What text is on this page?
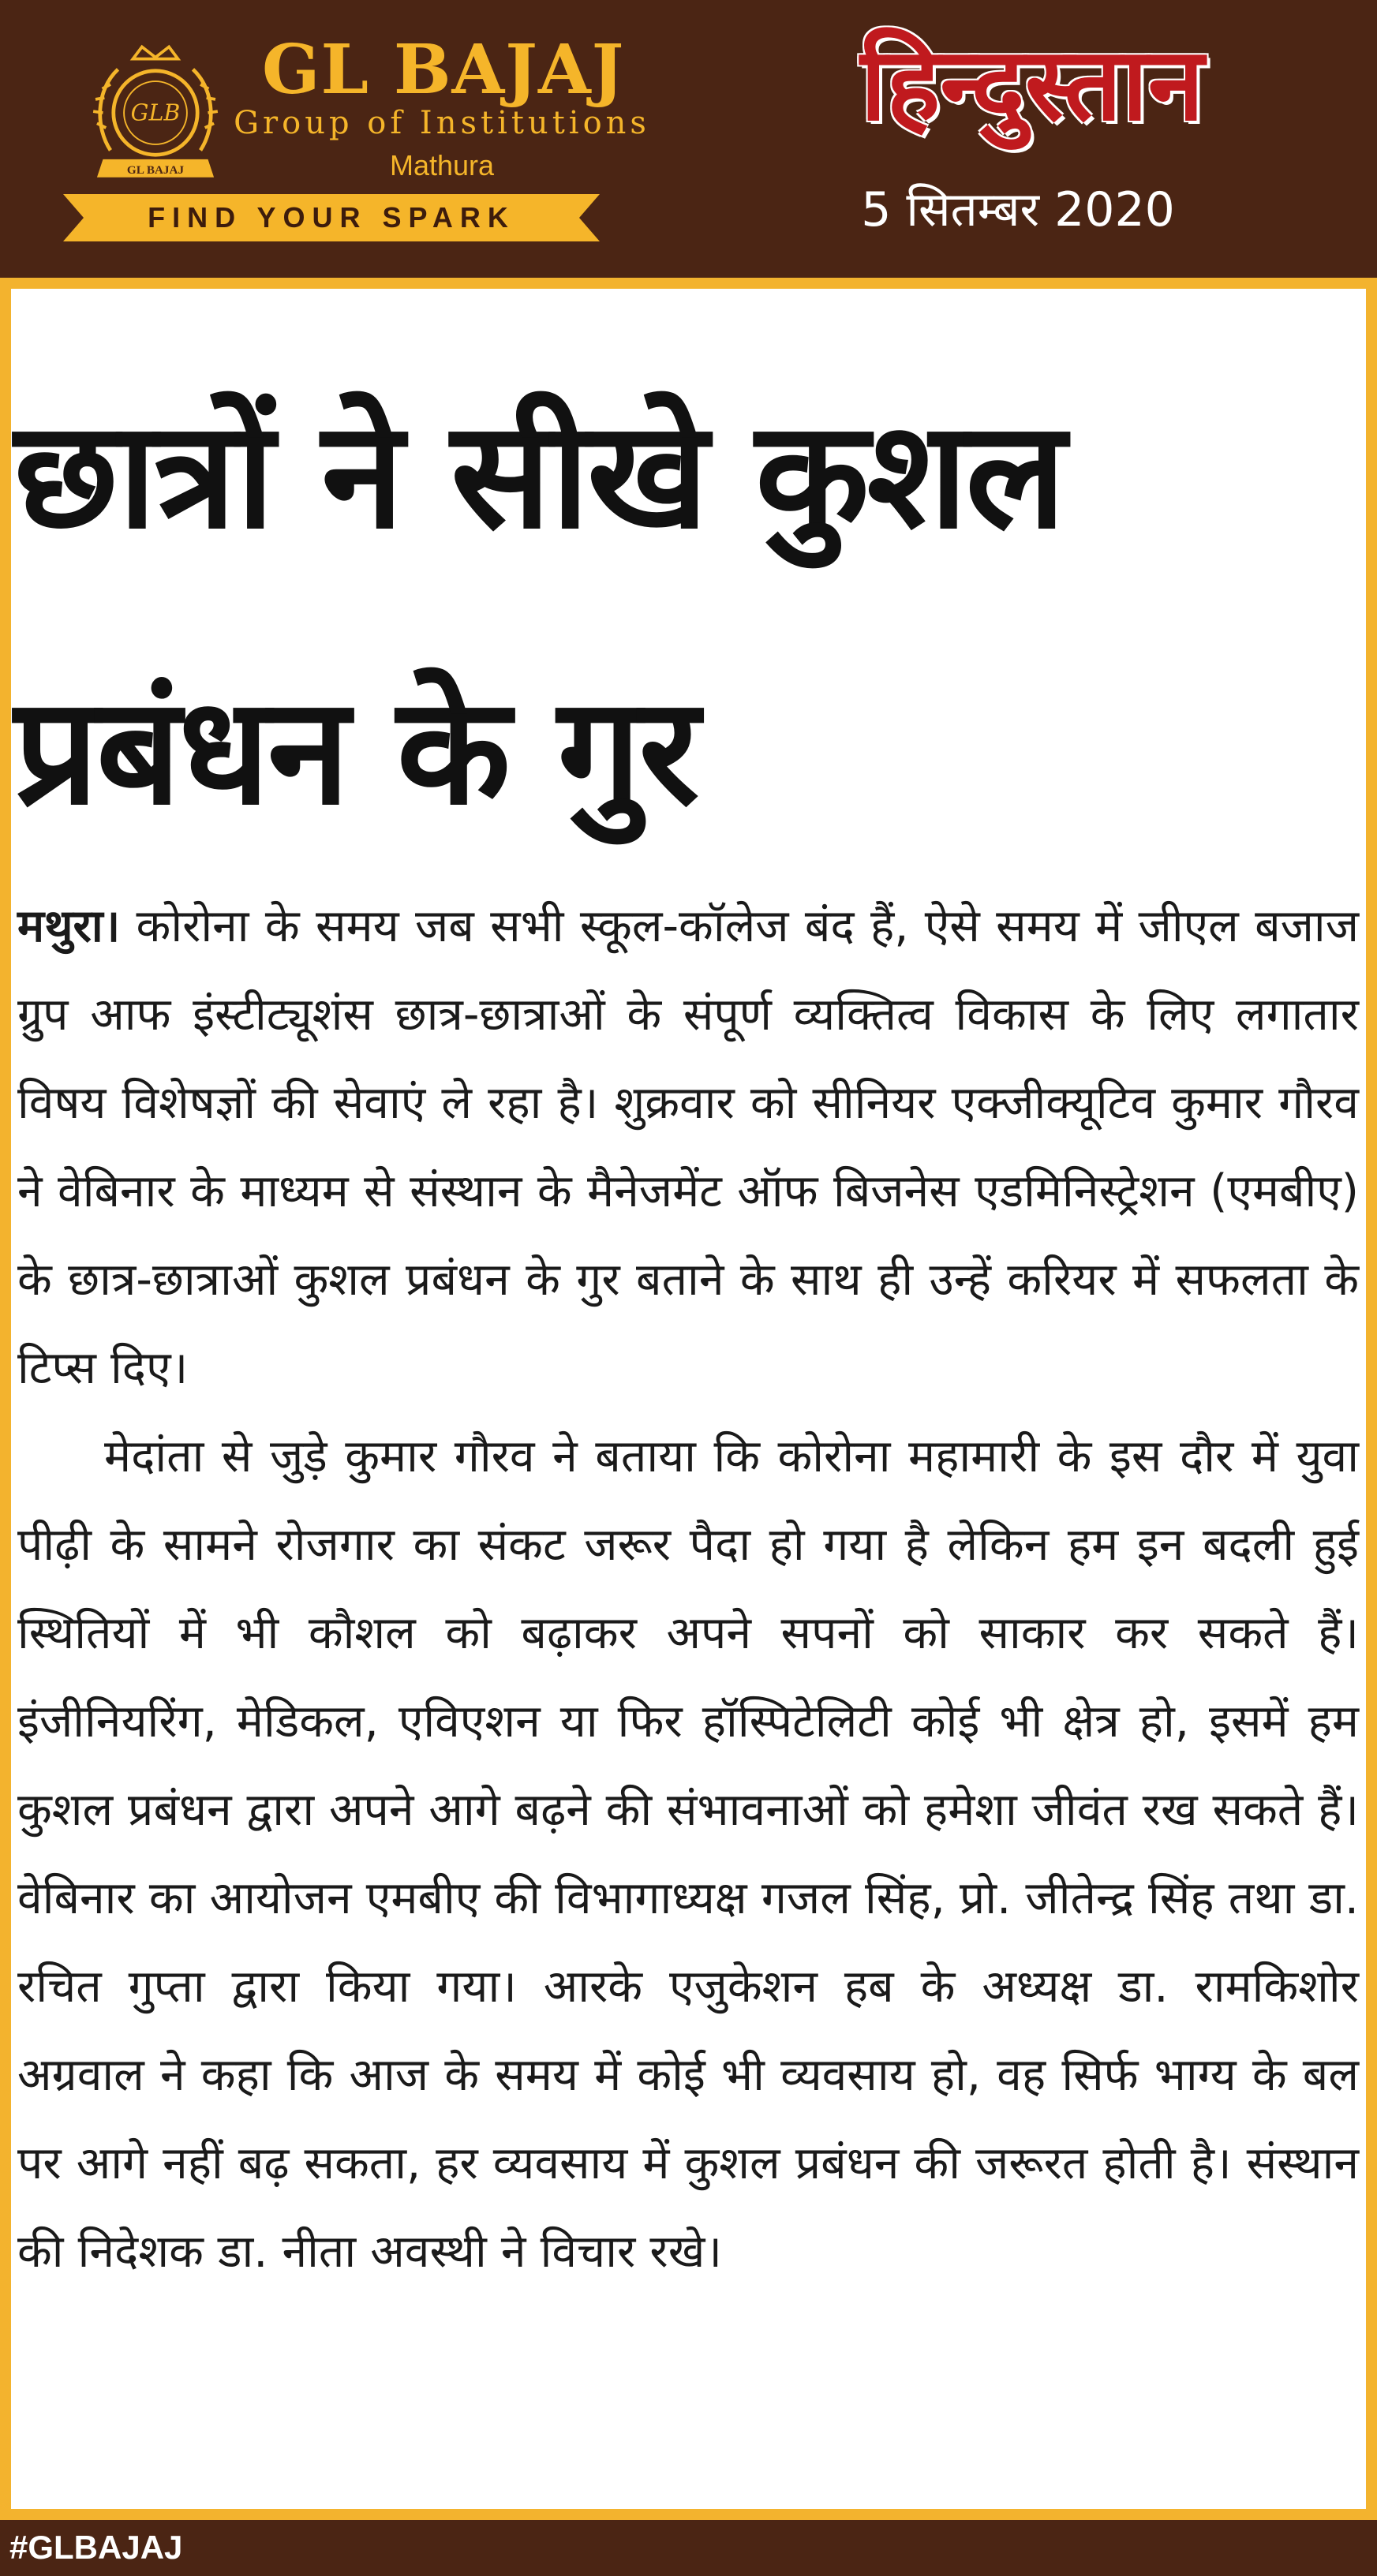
GLB
GL BAJAJ
GL BAJAJ
Group of Institutions
Mathura
FIND YOUR SPARK
हिन्दुस्तान
5 सितम्बर 2020
छात्रों ने सीखे कुशल प्रबंधन के गुर

मथुरा। कोरोना के समय जब सभी स्कूल-कॉलेज बंद हैं, ऐसे समय में जीएल बजाज ग्रुप आफ इंस्टीट्यूशंस छात्र-छात्राओं के संपूर्ण व्यक्तित्व विकास के लिए लगातार विषय विशेषज्ञों की सेवाएं ले रहा है। शुक्रवार को सीनियर एक्जीक्यूटिव कुमार गौरव ने वेबिनार के माध्यम से संस्थान के मैनेजमेंट ऑफ बिजनेस एडमिनिस्ट्रेशन (एमबीए) के छात्र-छात्राओं कुशल प्रबंधन के गुर बताने के साथ ही उन्हें करियर में सफलता के टिप्स दिए।

मेदांता से जुड़े कुमार गौरव ने बताया कि कोरोना महामारी के इस दौर में युवा पीढ़ी के सामने रोजगार का संकट जरूर पैदा हो गया है लेकिन हम इन बदली हुई स्थितियों में भी कौशल को बढ़ाकर अपने सपनों को साकार कर सकते हैं। इंजीनियरिंग, मेडिकल, एविएशन या फिर हॉस्पिटेलिटी कोई भी क्षेत्र हो, इसमें हम कुशल प्रबंधन द्वारा अपने आगे बढ़ने की संभावनाओं को हमेशा जीवंत रख सकते हैं। वेबिनार का आयोजन एमबीए की विभागाध्यक्ष गजल सिंह, प्रो. जीतेन्द्र सिंह तथा डा. रचित गुप्ता द्वारा किया गया। आरके एजुकेशन हब के अध्यक्ष डा. रामकिशोर अग्रवाल ने कहा कि आज के समय में कोई भी व्यवसाय हो, वह सिर्फ भाग्य के बल पर आगे नहीं बढ़ सकता, हर व्यवसाय में कुशल प्रबंधन की जरूरत होती है। संस्थान की निदेशक डा. नीता अवस्थी ने विचार रखे।

#GLBAJAJ
